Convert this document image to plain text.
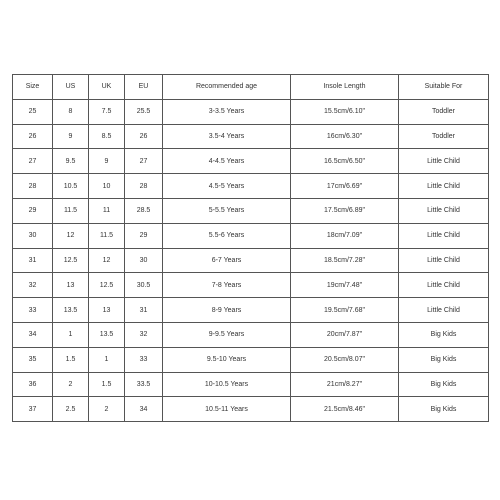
Size	US	UK	EU	Recommended age	Insole Length	Suitable For
25	8	7.5	25.5	3-3.5 Years	15.5cm/6.10"	Toddler
26	9	8.5	26	3.5-4 Years	16cm/6.30"	Toddler
27	9.5	9	27	4-4.5 Years	16.5cm/6.50"	Little Child
28	10.5	10	28	4.5-5 Years	17cm/6.69"	Little Child
29	11.5	11	28.5	5-5.5 Years	17.5cm/6.89"	Little Child
30	12	11.5	29	5.5-6 Years	18cm/7.09"	Little Child
31	12.5	12	30	6-7 Years	18.5cm/7.28"	Little Child
32	13	12.5	30.5	7-8 Years	19cm/7.48"	Little Child
33	13.5	13	31	8-9 Years	19.5cm/7.68"	Little Child
34	1	13.5	32	9-9.5 Years	20cm/7.87"	Big Kids
35	1.5	1	33	9.5-10 Years	20.5cm/8.07"	Big Kids
36	2	1.5	33.5	10-10.5 Years	21cm/8.27"	Big Kids
37	2.5	2	34	10.5-11 Years	21.5cm/8.46"	Big Kids
